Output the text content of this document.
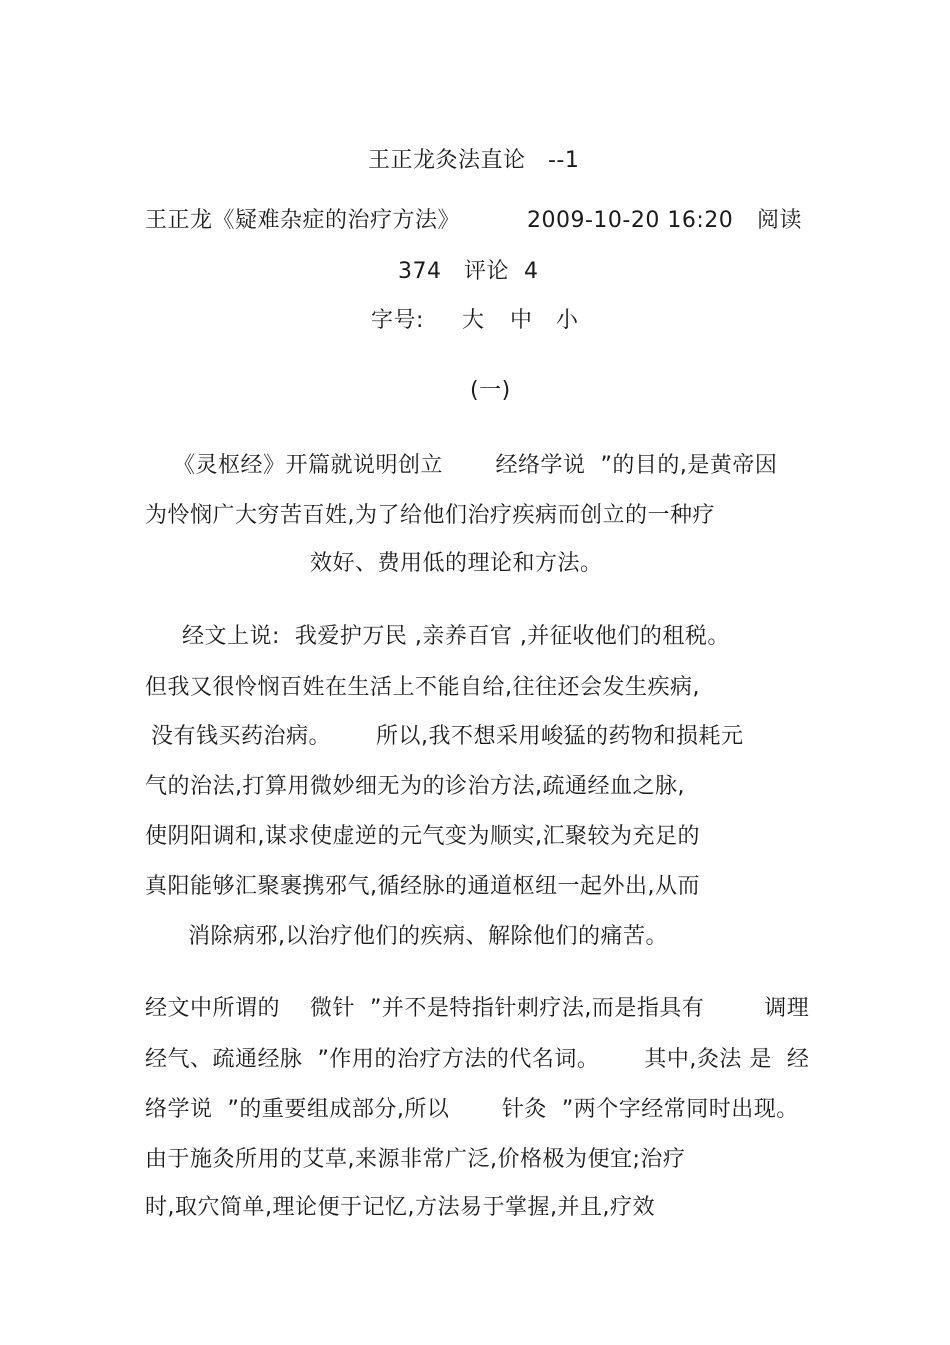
王正龙灸法直论   --1
王正龙《疑难杂症的治疗方法》	2009-10-20 16:20 阅读
374   评论  4
字号: 大 中 小
(一)
《灵枢经》开篇就说明创立       经络学说  ”的目的,是黄帝因
为怜悯广大穷苦百姓,为了给他们治疗疾病而创立的一种疗
效好、费用低的理论和方法。
经文上说:  我爱护万民 ,亲养百官 ,并征收他们的租税。
但我又很怜悯百姓在生活上不能自给,往往还会发生疾病,
没有钱买药治病。      所以,我不想采用峻猛的药物和损耗元
气的治法,打算用微妙细无为的诊治方法,疏通经血之脉,
使阴阳调和,谋求使虚逆的元气变为顺实,汇聚较为充足的
真阳能够汇聚裹携邪气,循经脉的通道枢纽一起外出,从而
消除病邪,以治疗他们的疾病、解除他们的痛苦。
经文中所谓的    微针  ”并不是特指针刺疗法,而是指具有        调理
经气、疏通经脉  ”作用的治疗方法的代名词。      其中,灸法 是  经
络学说  ”的重要组成部分,所以       针灸  ”两个字经常同时出现。
由于施灸所用的艾草,来源非常广泛,价格极为便宜;治疗
时,取穴简单,理论便于记忆,方法易于掌握,并且,疗效
